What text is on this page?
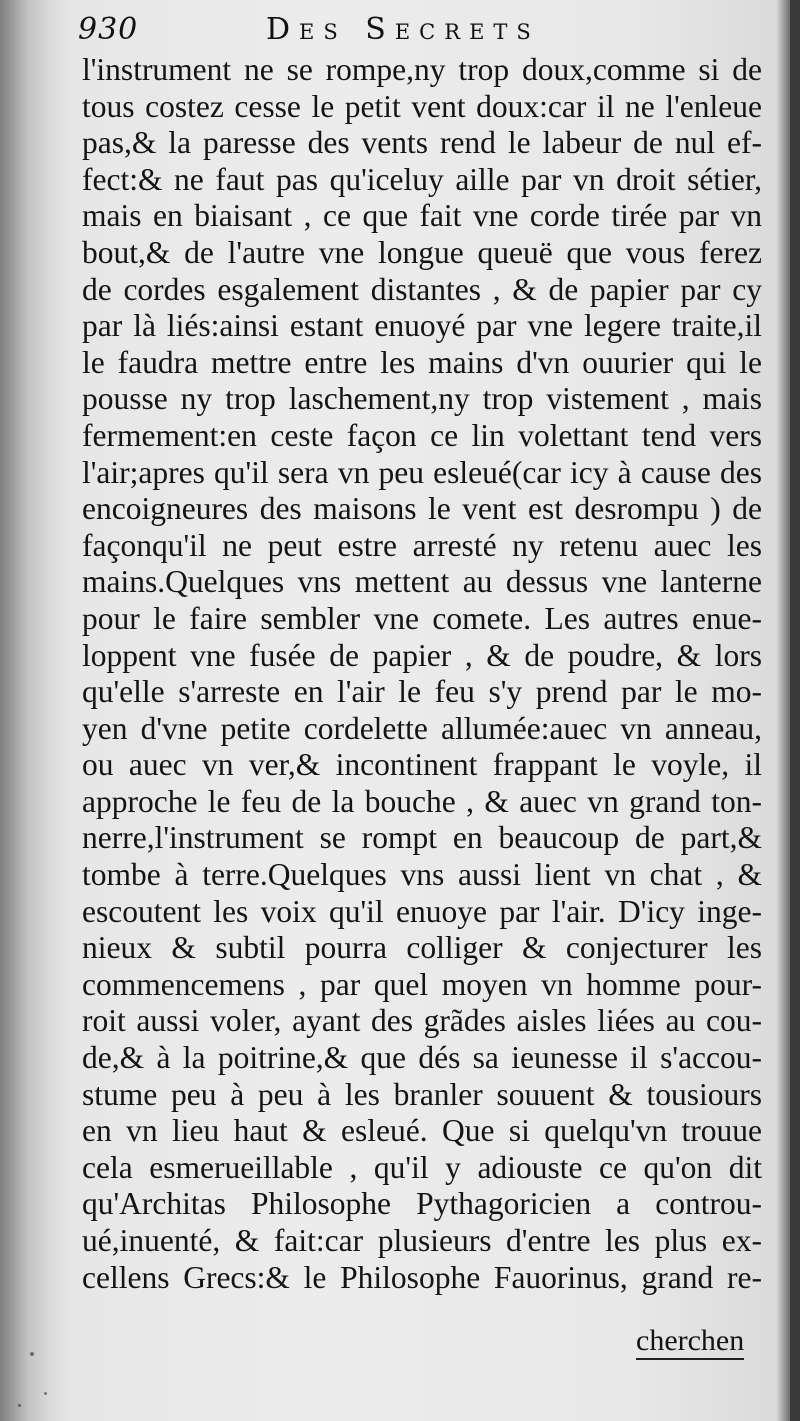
930	Des Secrets
l'instrument ne se rompe,ny trop doux,comme si de
tous costez cesse le petit vent doux:car il ne l'enleue
pas,& la paresse des vents rend le labeur de nul ef-
fect:& ne faut pas qu'iceluy aille par vn droit sétier,
mais en biaisant , ce que fait vne corde tirée par vn
bout,& de l'autre vne longue queuë que vous ferez
de cordes esgalement distantes , & de papier par cy
par là liés:ainsi estant enuoyé par vne legere traite,il
le faudra mettre entre les mains d'vn ouurier qui le
pousse ny trop laschement,ny trop vistement , mais
fermement:en ceste façon ce lin volettant tend vers
l'air;apres qu'il sera vn peu esleué(car icy à cause des
encoigneures des maisons le vent est desrompu ) de
façonqu'il ne peut estre arresté ny retenu auec les
mains.Quelques vns mettent au dessus vne lanterne
pour le faire sembler vne comete. Les autres enue-
loppent vne fusée de papier , & de poudre, & lors
qu'elle s'arreste en l'air le feu s'y prend par le mo-
yen d'vne petite cordelette allumée:auec vn anneau,
ou auec vn ver,& incontinent frappant le voyle, il
approche le feu de la bouche , & auec vn grand ton-
nerre,l'instrument se rompt en beaucoup de part,&
tombe à terre.Quelques vns aussi lient vn chat , &
escoutent les voix qu'il enuoye par l'air. D'icy inge-
nieux & subtil pourra colliger & conjecturer les
commencemens , par quel moyen vn homme pour-
roit aussi voler, ayant des grãdes aisles liées au cou-
de,& à la poitrine,& que dés sa ieunesse il s'accou-
stume peu à peu à les branler souuent & tousiours
en vn lieu haut & esleué. Que si quelqu'vn trouue
cela esmerueillable , qu'il y adiouste ce qu'on dit
qu'Architas Philosophe Pythagoricien a controu-
ué,inuenté, & fait:car plusieurs d'entre les plus ex-
cellens Grecs:& le Philosophe Fauorinus, grand re-
cherchen
